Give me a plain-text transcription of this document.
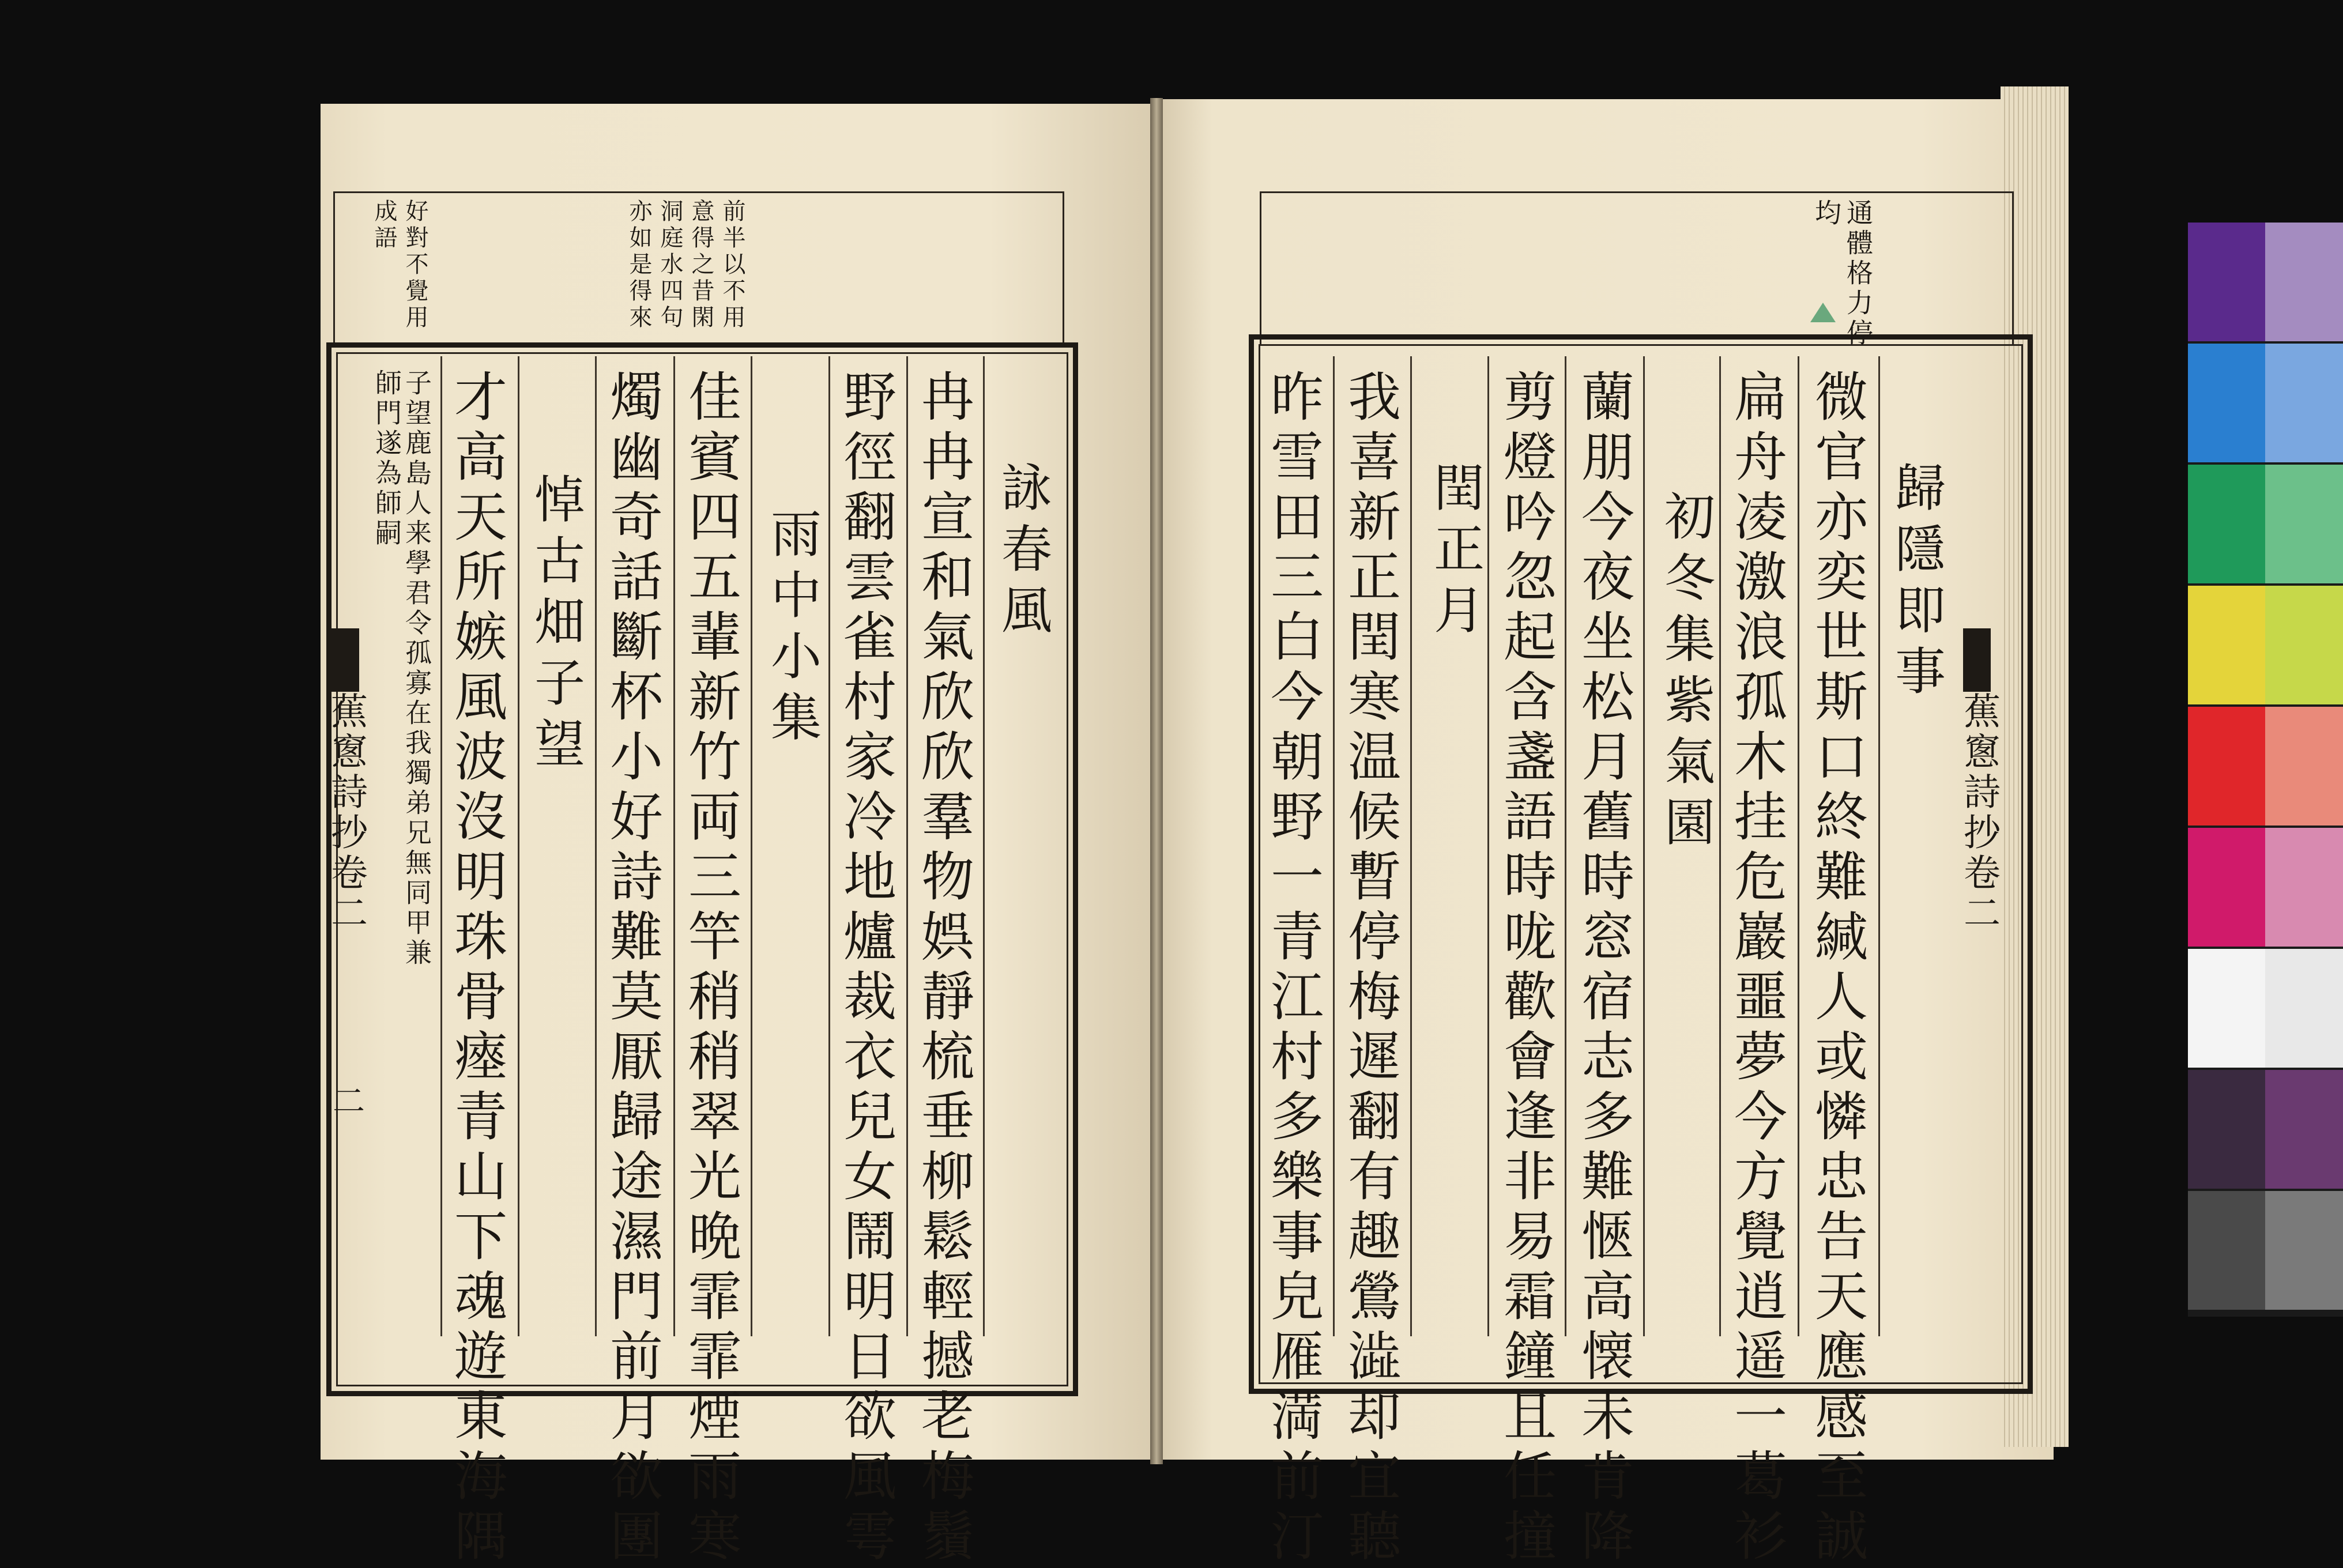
前半以不用
意得之昔閑
洞庭水四句
亦如是得來
好對不覺用
成語
詠春風
冉冉宣和氣欣欣羣物娯靜梳垂柳鬆輕撼老梅鬚
野徑翻雲雀村家冷地爐裁衣兒女鬧明日欲風雩
雨中小集
佳賓四五輩新竹両三竿稍稍翠光晩霏霏煙雨寒
燭幽奇話斷杯小好詩難莫厭歸途濕門前月欲團
悼古畑子望
才高天所嫉風波沒明珠骨瘞青山下魂遊東海隅
子望鹿島人来學君令孤寡在我獨弟兄無同甲兼
師門遂為師嗣
蕉窻詩抄卷二
二
通體格力停
均
歸隱即事
微官亦奕世斯口終難緘人或憐忠告天應感至誠
扁舟凌激浪孤木挂危巖噩夢今方覺逍遥一葛衫
初冬集紫氣園
蘭朋今夜坐松月舊時窓宿志多難愜高懐未肯降
剪燈吟忽起含盞語時咙歡會逢非易霜鐘且任撞
閏正月
我喜新正閏寒温候暫停梅遲翻有趣鶯澁却宜聽
昨雪田三白今朝野一青江村多樂事皃雁満前汀	蕉窻詩抄卷二
